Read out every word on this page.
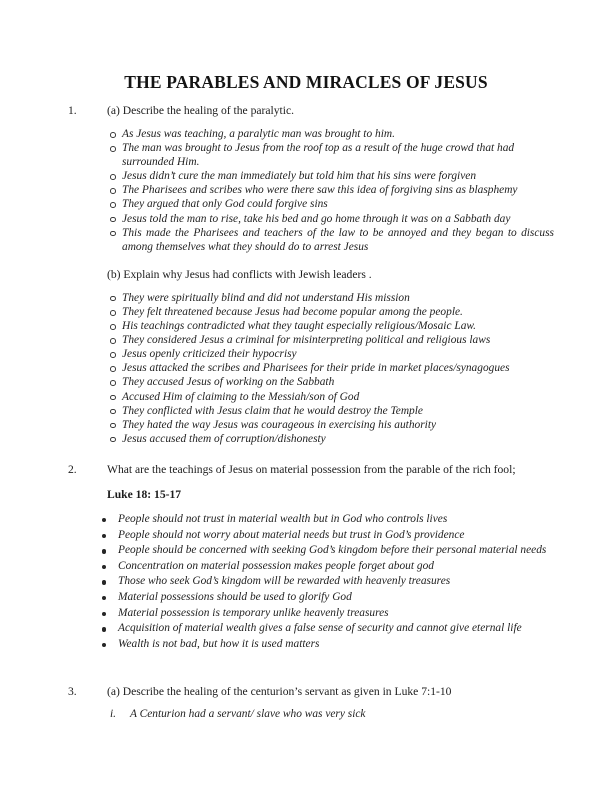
THE PARABLES AND MIRACLES OF JESUS
1.	(a) Describe the healing of the paralytic.
As Jesus was teaching, a paralytic man was brought to him.
The man was brought to Jesus from the roof top as a result of the huge crowd that had surrounded Him.
Jesus didn’t cure the man immediately but told him that his sins were forgiven
The Pharisees and scribes who were there saw this idea of forgiving sins as blasphemy
They argued that only God could forgive sins
Jesus told the man to rise, take his bed and go home through it was on a Sabbath day
This made the Pharisees and teachers of the law to be annoyed and they began to discuss among themselves what they should do to arrest Jesus
(b) Explain why Jesus had conflicts with Jewish leaders .
They were spiritually blind and did not understand His mission
They felt threatened because Jesus had become popular among the people.
His teachings contradicted what they taught especially religious/Mosaic Law.
They considered Jesus a criminal for misinterpreting political and religious laws
Jesus openly criticized their hypocrisy
Jesus attacked the scribes and Pharisees for their pride in market places/synagogues
They accused Jesus of working on the Sabbath
Accused Him of claiming to the Messiah/son of God
They conflicted with Jesus claim that he would destroy the Temple
They hated the way Jesus was courageous in exercising his authority
Jesus accused them of corruption/dishonesty
2.	What are the teachings of Jesus on material possession from the parable of the rich fool;
Luke 18: 15-17
People should not trust in material wealth but in God who controls lives
People should not worry about material needs but trust in God’s providence
People should be concerned with seeking God’s kingdom before their personal material needs
Concentration on material possession makes people forget about god
Those who seek God’s kingdom will be rewarded with heavenly treasures
Material possessions should be used to glorify God
Material possession is temporary unlike heavenly treasures
Acquisition of material wealth gives a false sense of security and cannot give eternal life
Wealth is not bad, but how it is used matters
3.	(a) Describe the healing of the centurion’s servant as given in Luke 7:1-10
i. A Centurion had a servant/ slave who was very sick
